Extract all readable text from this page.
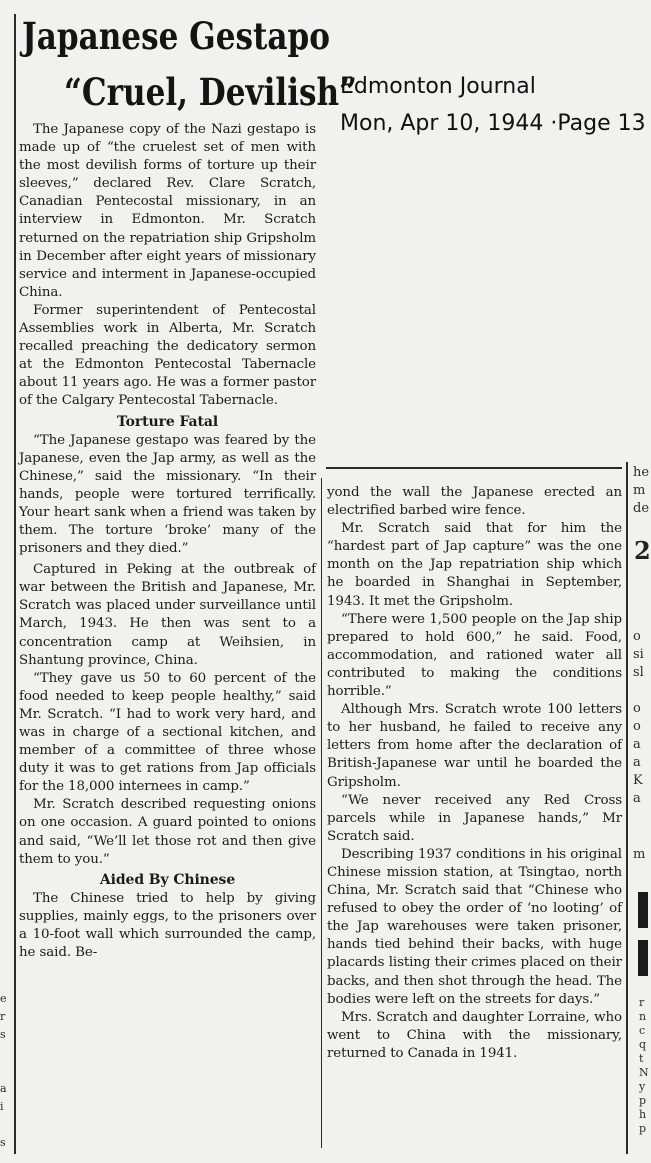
Japanese Gestapo
“Cruel, Devilish”
Edmonton Journal
Mon, Apr 10, 1944 ·Page 13

The Japanese copy of the Nazi gestapo is made up of “the cruelest set of men with the most devilish forms of torture up their sleeves,” declared Rev. Clare Scratch, Canadian Pentecostal missionary, in an interview in Edmonton. Mr. Scratch returned on the repatriation ship Gripsholm in December after eight years of missionary service and interment in Japanese-occupied China.

Former superintendent of Pentecostal Assemblies work in Alberta, Mr. Scratch recalled preaching the dedicatory sermon at the Edmonton Pentecostal Tabernacle about 11 years ago. He was a former pastor of the Calgary Pentecostal Tabernacle.

Torture Fatal

“The Japanese gestapo was feared by the Japanese, even the Jap army, as well as the Chinese,” said the missionary. “In their hands, people were tortured terrifically. Your heart sank when a friend was taken by them. The torture ‘broke’ many of the prisoners and they died.”

Captured in Peking at the outbreak of war between the British and Japanese, Mr. Scratch was placed under surveillance until March, 1943. He then was sent to a concentration camp at Weihsien, in Shantung province, China.

“They gave us 50 to 60 percent of the food needed to keep people healthy,” said Mr. Scratch. “I had to work very hard, and was in charge of a sectional kitchen, and member of a committee of three whose duty it was to get rations from Jap officials for the 18,000 internees in camp.”

Mr. Scratch described requesting onions on one occasion. A guard pointed to onions and said, “We’ll let those rot and then give them to you.”

Aided By Chinese

The Chinese tried to help by giving supplies, mainly eggs, to the prisoners over a 10-foot wall which surrounded the camp, he said. Be-

yond the wall the Japanese erected an electrified barbed wire fence.

Mr. Scratch said that for him the “hardest part of Jap capture” was the one month on the Jap repatriation ship which he boarded in Shanghai in September, 1943. It met the Gripsholm.

“There were 1,500 people on the Jap ship prepared to hold 600,” he said. Food, accommodation, and rationed water all contributed to making the conditions horrible.”

Although Mrs. Scratch wrote 100 letters to her husband, he failed to receive any letters from home after the declaration of British-Japanese war until he boarded the Gripsholm.

“We never received any Red Cross parcels while in Japanese hands,” Mr Scratch said.

Describing 1937 conditions in his original Chinese mission station, at Tsingtao, north China, Mr. Scratch said that “Chinese who refused to obey the order of ‘no looting’ of the Jap warehouses were taken prisoner, hands tied behind their backs, with huge placards listing their crimes placed on their backs, and then shot through the head. The bodies were left on the streets for days.”

Mrs. Scratch and daughter Lorraine, who went to China with the missionary, returned to Canada in 1941.

he
m
de
2
o
si
sl
o
o
a
a
K
a
m
r
n
c
q
t
N
y
p
h
p
e
r
s
a
i
s
